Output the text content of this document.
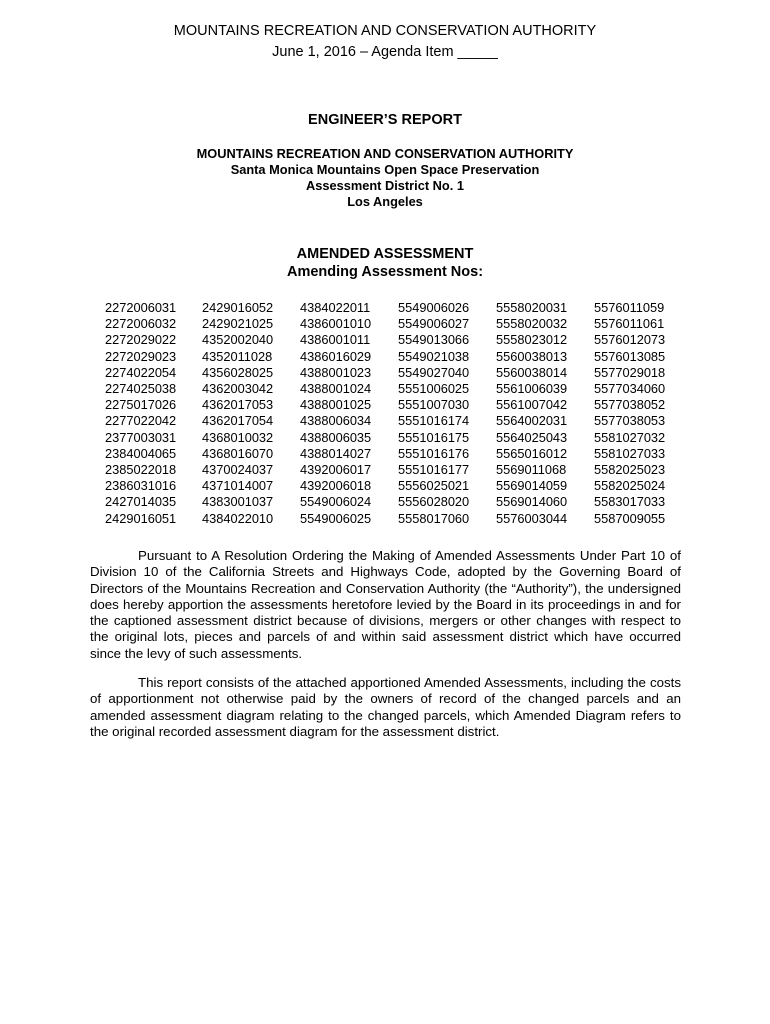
MOUNTAINS RECREATION AND CONSERVATION AUTHORITY
June 1, 2016 – Agenda Item _____
ENGINEER’S REPORT
MOUNTAINS RECREATION AND CONSERVATION AUTHORITY
Santa Monica Mountains Open Space Preservation
Assessment District No. 1
Los Angeles
AMENDED ASSESSMENT
Amending Assessment Nos:
2272006031
2272006032
2272029022
2272029023
2274022054
2274025038
2275017026
2277022042
2377003031
2384004065
2385022018
2386031016
2427014035
2429016051
2429016052
2429021025
4352002040
4352011028
4356028025
4362003042
4362017053
4362017054
4368010032
4368016070
4370024037
4371014007
4383001037
4384022010
4384022011
4386001010
4386001011
4386016029
4388001023
4388001024
4388001025
4388006034
4388006035
4388014027
4392006017
4392006018
5549006024
5549006025
5549006026
5549006027
5549013066
5549021038
5549027040
5551006025
5551007030
5551016174
5551016175
5551016176
5551016177
5556025021
5556028020
5558017060
5558020031
5558020032
5558023012
5560038013
5560038014
5561006039
5561007042
5564002031
5564025043
5565016012
5569011068
5569014059
5569014060
5576003044
5576011059
5576011061
5576012073
5576013085
5577029018
5577034060
5577038052
5577038053
5581027032
5581027033
5582025023
5582025024
5583017033
5587009055

Pursuant to A Resolution Ordering the Making of Amended Assessments Under Part 10 of Division 10 of the California Streets and Highways Code, adopted by the Governing Board of Directors of the Mountains Recreation and Conservation Authority (the “Authority”), the undersigned does hereby apportion the assessments heretofore levied by the Board in its proceedings in and for the captioned assessment district because of divisions, mergers or other changes with respect to the original lots, pieces and parcels of and within said assessment district which have occurred since the levy of such assessments.

This report consists of the attached apportioned Amended Assessments, including the costs of apportionment not otherwise paid by the owners of record of the changed parcels and an amended assessment diagram relating to the changed parcels, which Amended Diagram refers to the original recorded assessment diagram for the assessment district.
